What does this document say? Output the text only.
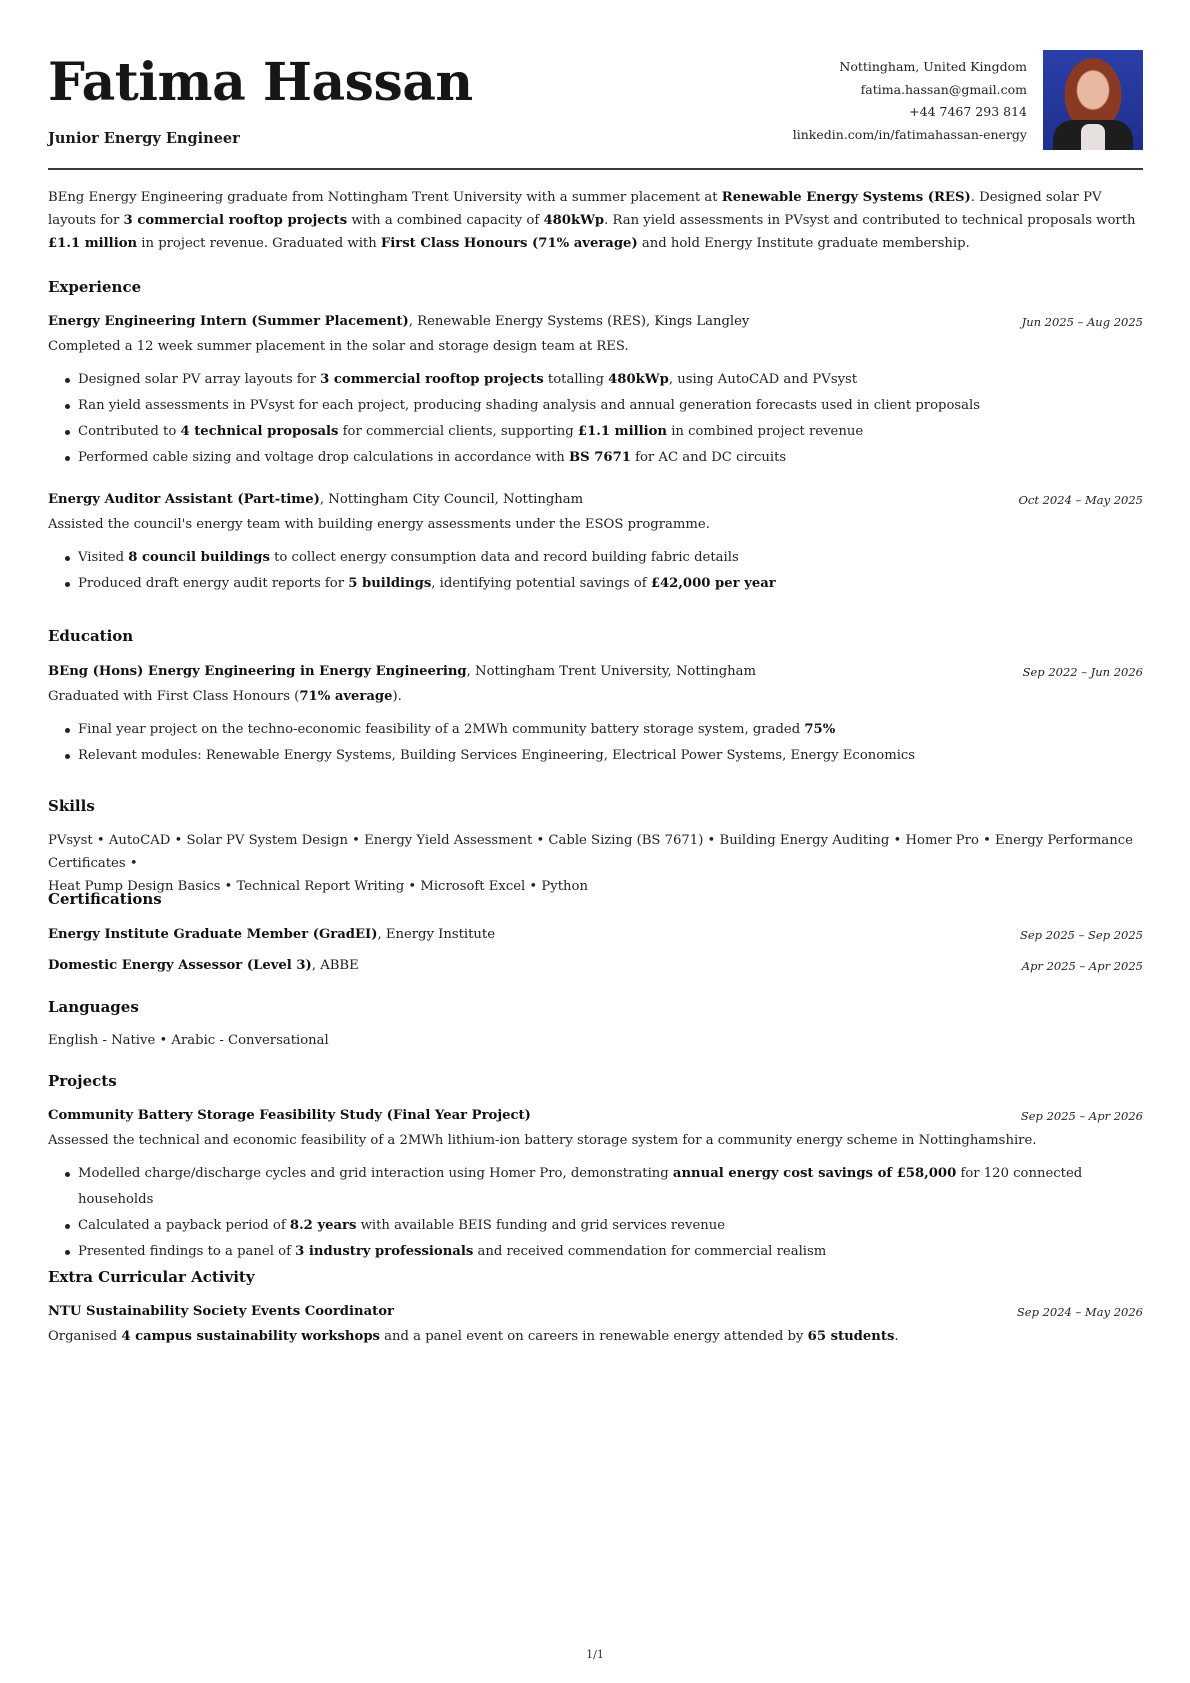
Fatima Hassan
Junior Energy Engineer
Nottingham, United Kingdom
fatima.hassan@gmail.com
+44 7467 293 814
linkedin.com/in/fatimahassan-energy
BEng Energy Engineering graduate from Nottingham Trent University with a summer placement at Renewable Energy Systems (RES). Designed solar PV layouts for 3 commercial rooftop projects with a combined capacity of 480kWp. Ran yield assessments in PVsyst and contributed to technical proposals worth £1.1 million in project revenue. Graduated with First Class Honours (71% average) and hold Energy Institute graduate membership.
Experience
Energy Engineering Intern (Summer Placement), Renewable Energy Systems (RES), Kings Langley	Jun 2025 – Aug 2025
Completed a 12 week summer placement in the solar and storage design team at RES.
Designed solar PV array layouts for 3 commercial rooftop projects totalling 480kWp, using AutoCAD and PVsyst
Ran yield assessments in PVsyst for each project, producing shading analysis and annual generation forecasts used in client proposals
Contributed to 4 technical proposals for commercial clients, supporting £1.1 million in combined project revenue
Performed cable sizing and voltage drop calculations in accordance with BS 7671 for AC and DC circuits
Energy Auditor Assistant (Part-time), Nottingham City Council, Nottingham	Oct 2024 – May 2025
Assisted the council's energy team with building energy assessments under the ESOS programme.
Visited 8 council buildings to collect energy consumption data and record building fabric details
Produced draft energy audit reports for 5 buildings, identifying potential savings of £42,000 per year
Education
BEng (Hons) Energy Engineering in Energy Engineering, Nottingham Trent University, Nottingham	Sep 2022 – Jun 2026
Graduated with First Class Honours (71% average).
Final year project on the techno-economic feasibility of a 2MWh community battery storage system, graded 75%
Relevant modules: Renewable Energy Systems, Building Services Engineering, Electrical Power Systems, Energy Economics
Skills
PVsyst • AutoCAD • Solar PV System Design • Energy Yield Assessment • Cable Sizing (BS 7671) • Building Energy Auditing • Homer Pro • Energy Performance Certificates •
Heat Pump Design Basics • Technical Report Writing • Microsoft Excel • Python
Certifications
Energy Institute Graduate Member (GradEI), Energy Institute	Sep 2025 – Sep 2025
Domestic Energy Assessor (Level 3), ABBE	Apr 2025 – Apr 2025
Languages
English - Native • Arabic - Conversational
Projects
Community Battery Storage Feasibility Study (Final Year Project)	Sep 2025 – Apr 2026
Assessed the technical and economic feasibility of a 2MWh lithium-ion battery storage system for a community energy scheme in Nottinghamshire.
Modelled charge/discharge cycles and grid interaction using Homer Pro, demonstrating annual energy cost savings of £58,000 for 120 connected households
Calculated a payback period of 8.2 years with available BEIS funding and grid services revenue
Presented findings to a panel of 3 industry professionals and received commendation for commercial realism
Extra Curricular Activity
NTU Sustainability Society Events Coordinator	Sep 2024 – May 2026
Organised 4 campus sustainability workshops and a panel event on careers in renewable energy attended by 65 students.
1/1
